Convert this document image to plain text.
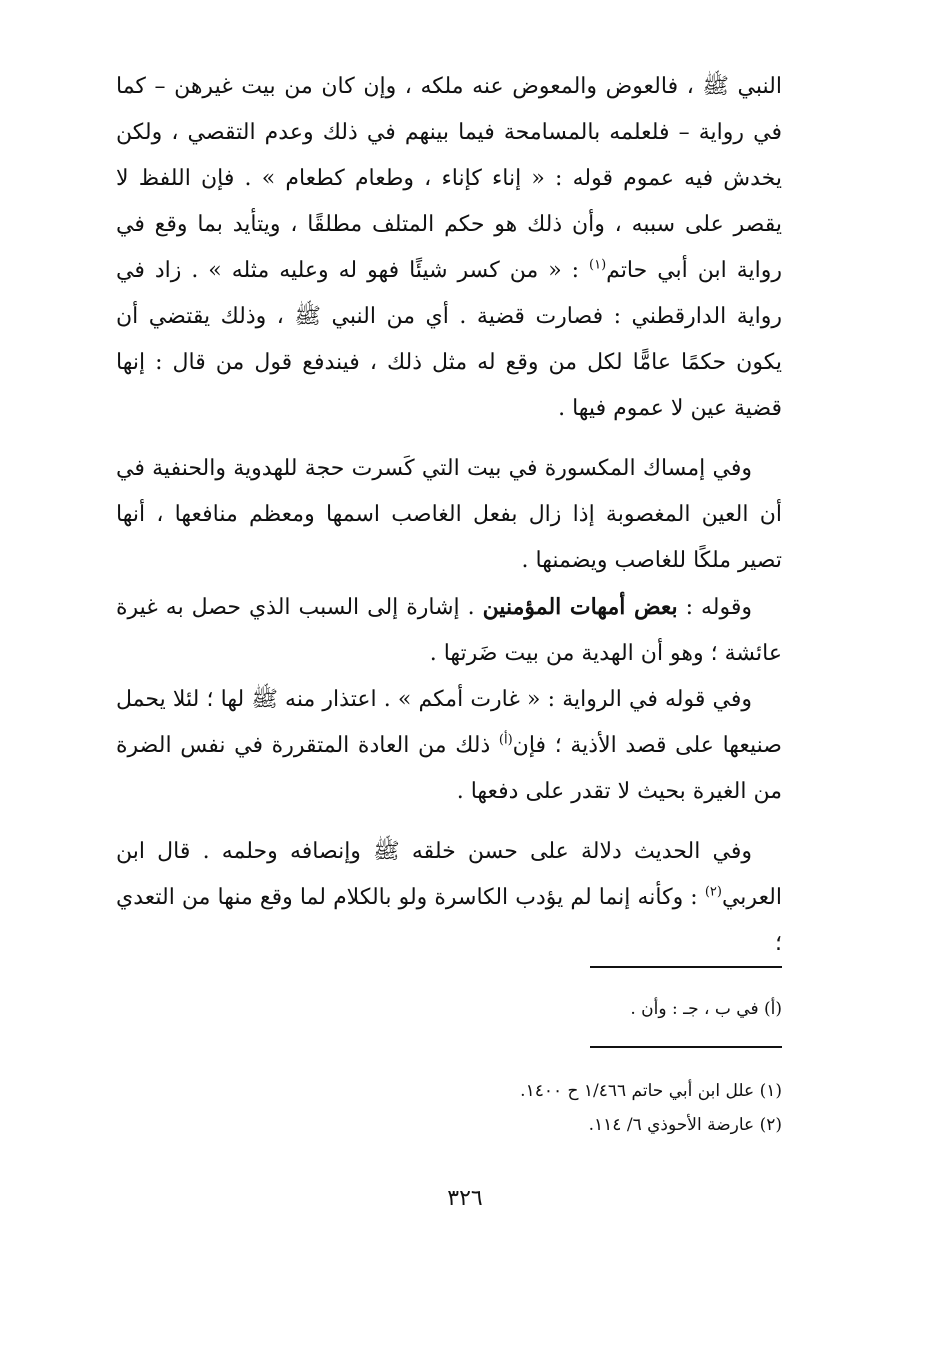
النبي ﷺ ، فالعوض والمعوض عنه ملكه ، وإن كان من بيت غيرهن – كما في رواية – فلعلمه بالمسامحة فيما بينهم في ذلك وعدم التقصي ، ولكن يخدش فيه عموم قوله : « إناء كإناء ، وطعام كطعام » . فإن اللفظ لا يقصر على سببه ، وأن ذلك هو حكم المتلف مطلقًا ، ويتأيد بما وقع في رواية ابن أبي حاتم$^{(١)}$ : « من كسر شيئًا فهو له وعليه مثله » . زاد في رواية الدارقطني : فصارت قضية . أي من النبي ﷺ ، وذلك يقتضي أن يكون حكمًا عامًّا لكل من وقع له مثل ذلك ، فيندفع قول من قال : إنها قضية عين لا عموم فيها .

وفي إمساك المكسورة في بيت التي كَسرت حجة للهدوية والحنفية في أن العين المغصوبة إذا زال بفعل الغاصب اسمها ومعظم منافعها ، أنها تصير ملكًا للغاصب ويضمنها .

وقوله : بعض أمهات المؤمنين . إشارة إلى السبب الذي حصل به غيرة عائشة ؛ وهو أن الهدية من بيت ضَرتها .

وفي قوله في الرواية : « غارت أمكم » . اعتذار منه ﷺ لها ؛ لئلا يحمل صنيعها على قصد الأذية ؛ فإن$^{(أ)}$ ذلك من العادة المتقررة في نفس الضرة من الغيرة بحيث لا تقدر على دفعها .

وفي الحديث دلالة على حسن خلقه ﷺ وإنصافه وحلمه . قال ابن العربي$^{(٢)}$ : وكأنه إنما لم يؤدب الكاسرة ولو بالكلام لما وقع منها من التعدي ؛

(أ) في ب ، جـ : وأن .
(١) علل ابن أبي حاتم ١/٤٦٦ ح ١٤٠٠.
(٢) عارضة الأحوذي ٦/ ١١٤.
٣٢٦
